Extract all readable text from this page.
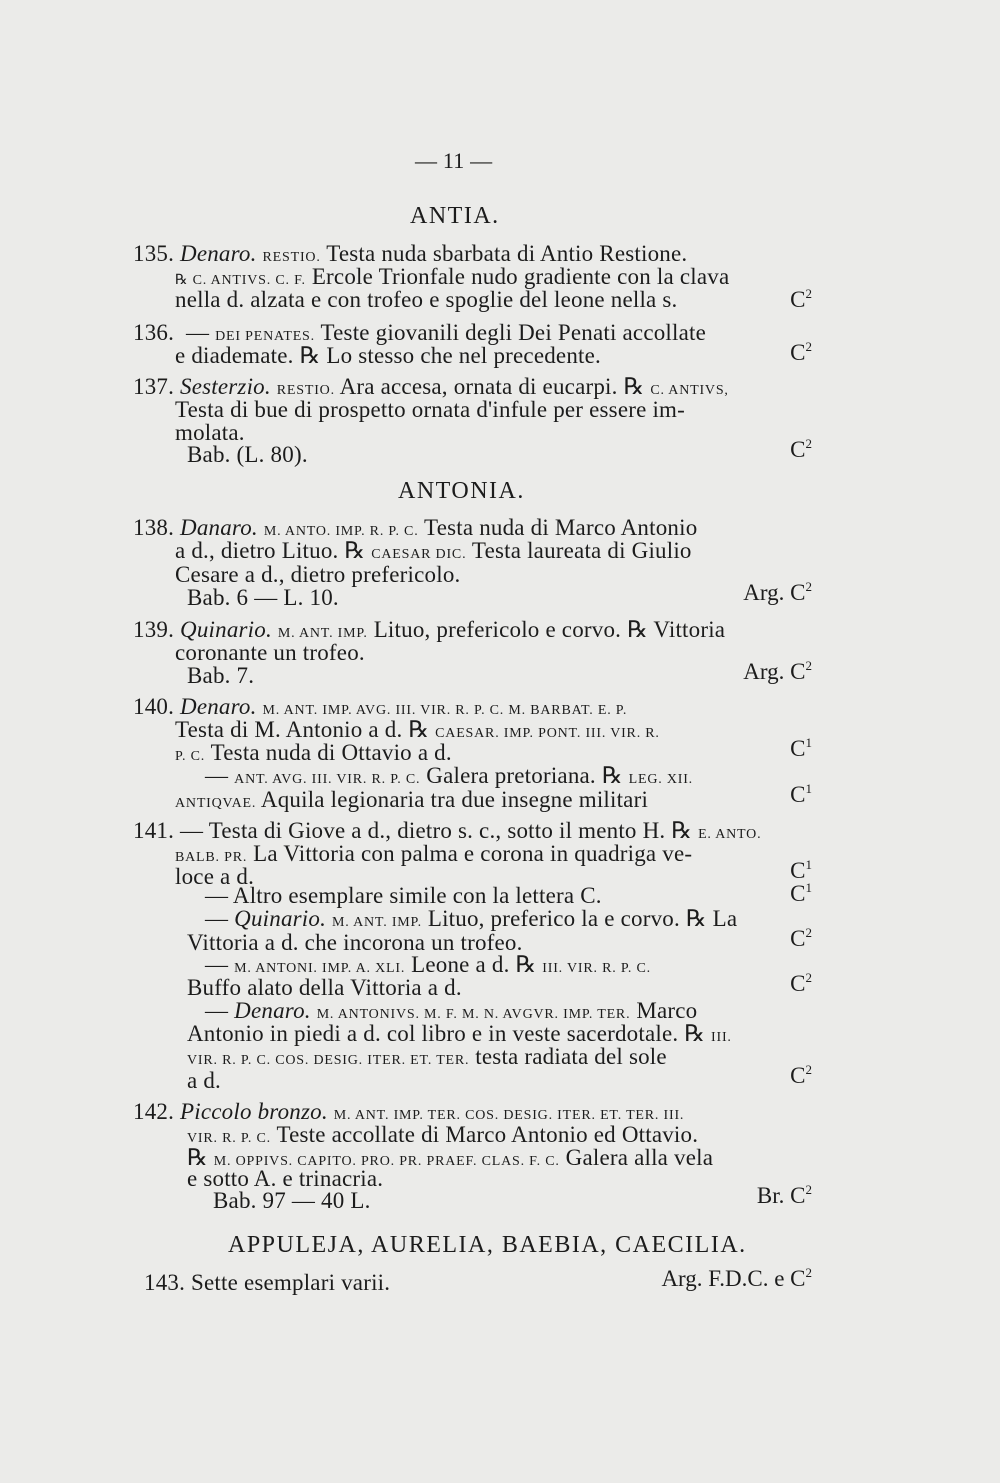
— 11 —
ANTIA.
135. Denaro. RESTIO. Testa nuda sbarbata di Antio Restione.
℞ C. ANTIVS. C. F. Ercole Trionfale nudo gradiente con la clava
nella d. alzata e con trofeo e spoglie del leone nella s.	$C^2$
136. — DEI PENATES. Teste giovanili degli Dei Penati accollate
e diademate. ℞ Lo stesso che nel precedente.	$C^2$
137. Sesterzio. RESTIO. Ara accesa, ornata di eucarpi. ℞ C. ANTIVS,
Testa di bue di prospetto ornata d'infule per essere im-
molata.
Bab. (L. 80).	$C^2$
ANTONIA.
138. Danaro. M. ANTO. IMP. R. P. C. Testa nuda di Marco Antonio
a d., dietro Lituo. ℞ CAESAR DIC. Testa laureata di Giulio
Cesare a d., dietro prefericolo.
Bab. 6 — L. 10.	Arg. $C^2$
139. Quinario. M. ANT. IMP. Lituo, prefericolo e corvo. ℞ Vittoria
coronante un trofeo.
Bab. 7.	Arg. $C^2$
140. Denaro. M. ANT. IMP. AVG. III. VIR. R. P. C. M. BARBAT. E. P.
Testa di M. Antonio a d. ℞ CAESAR. IMP. PONT. III. VIR. R.
P. C. Testa nuda di Ottavio a d.	$C^1$
— ANT. AVG. III. VIR. R. P. C. Galera pretoriana. ℞ LEG. XII.
ANTIQVAE. Aquila legionaria tra due insegne militari	$C^1$
141. — Testa di Giove a d., dietro s. c., sotto il mento H. ℞ E. ANTO.
BALB. PR. La Vittoria con palma e corona in quadriga ve-
loce a d.	$C^1$
— Altro esemplare simile con la lettera C.	$C^1$
— Quinario. M. ANT. IMP. Lituo, preferico la e corvo. ℞ La
Vittoria a d. che incorona un trofeo.	$C^2$
— M. ANTONI. IMP. A. XLI. Leone a d. ℞ III. VIR. R. P. C.
Buffo alato della Vittoria a d.	$C^2$
— Denaro. M. ANTONIVS. M. F. M. N. AVGVR. IMP. TER. Marco
Antonio in piedi a d. col libro e in veste sacerdotale. ℞ III.
VIR. R. P. C. COS. DESIG. ITER. ET. TER. testa radiata del sole
a d.	$C^2$
142. Piccolo bronzo. M. ANT. IMP. TER. COS. DESIG. ITER. ET. TER. III.
VIR. R. P. C. Teste accollate di Marco Antonio ed Ottavio.
℞ M. OPPIVS. CAPITO. PRO. PR. PRAEF. CLAS. F. C. Galera alla vela
e sotto A. e trinacria.
Bab. 97 — 40 L.	Br. $C^2$
APPULEJA, AURELIA, BAEBIA, CAECILIA.
143. Sette esemplari varii.	Arg. F.D.C. e $C^2$
